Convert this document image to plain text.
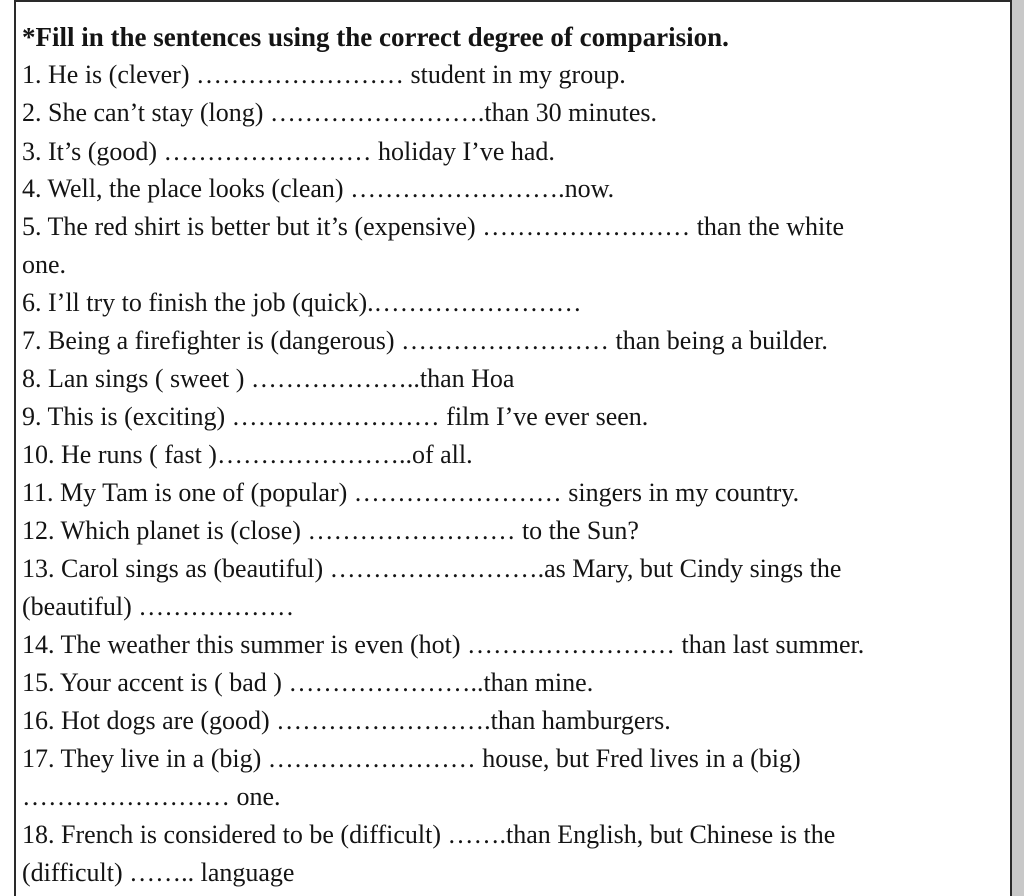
*Fill in the sentences using the correct degree of comparision.
1. He is (clever) …………………… student in my group.
2. She can’t stay (long) …………………….than 30 minutes.
3. It’s (good) …………………… holiday I’ve had.
4. Well, the place looks (clean) …………………….now.
5. The red shirt is better but it’s (expensive) …………………… than the white
one.
6. I’ll try to finish the job (quick).……………………
7. Being a firefighter is (dangerous) …………………… than being a builder.
8. Lan sings ( sweet ) ………………..than Hoa
9. This is (exciting) …………………… film I’ve ever seen.
10. He runs ( fast )…………………..of all.
11. My Tam is one of (popular) …………………… singers in my country.
12. Which planet is (close) …………………… to the Sun?
13. Carol sings as (beautiful) …………………….as Mary, but Cindy sings the
(beautiful) ………………
14. The weather this summer is even (hot) …………………… than last summer.
15. Your accent is ( bad ) …………………..than mine.
16. Hot dogs are (good) …………………….than hamburgers.
17. They live in a (big) …………………… house, but Fred lives in a (big)
…………………… one.
18. French is considered to be (difficult) …….than English, but Chinese is the
(difficult) …….. language
